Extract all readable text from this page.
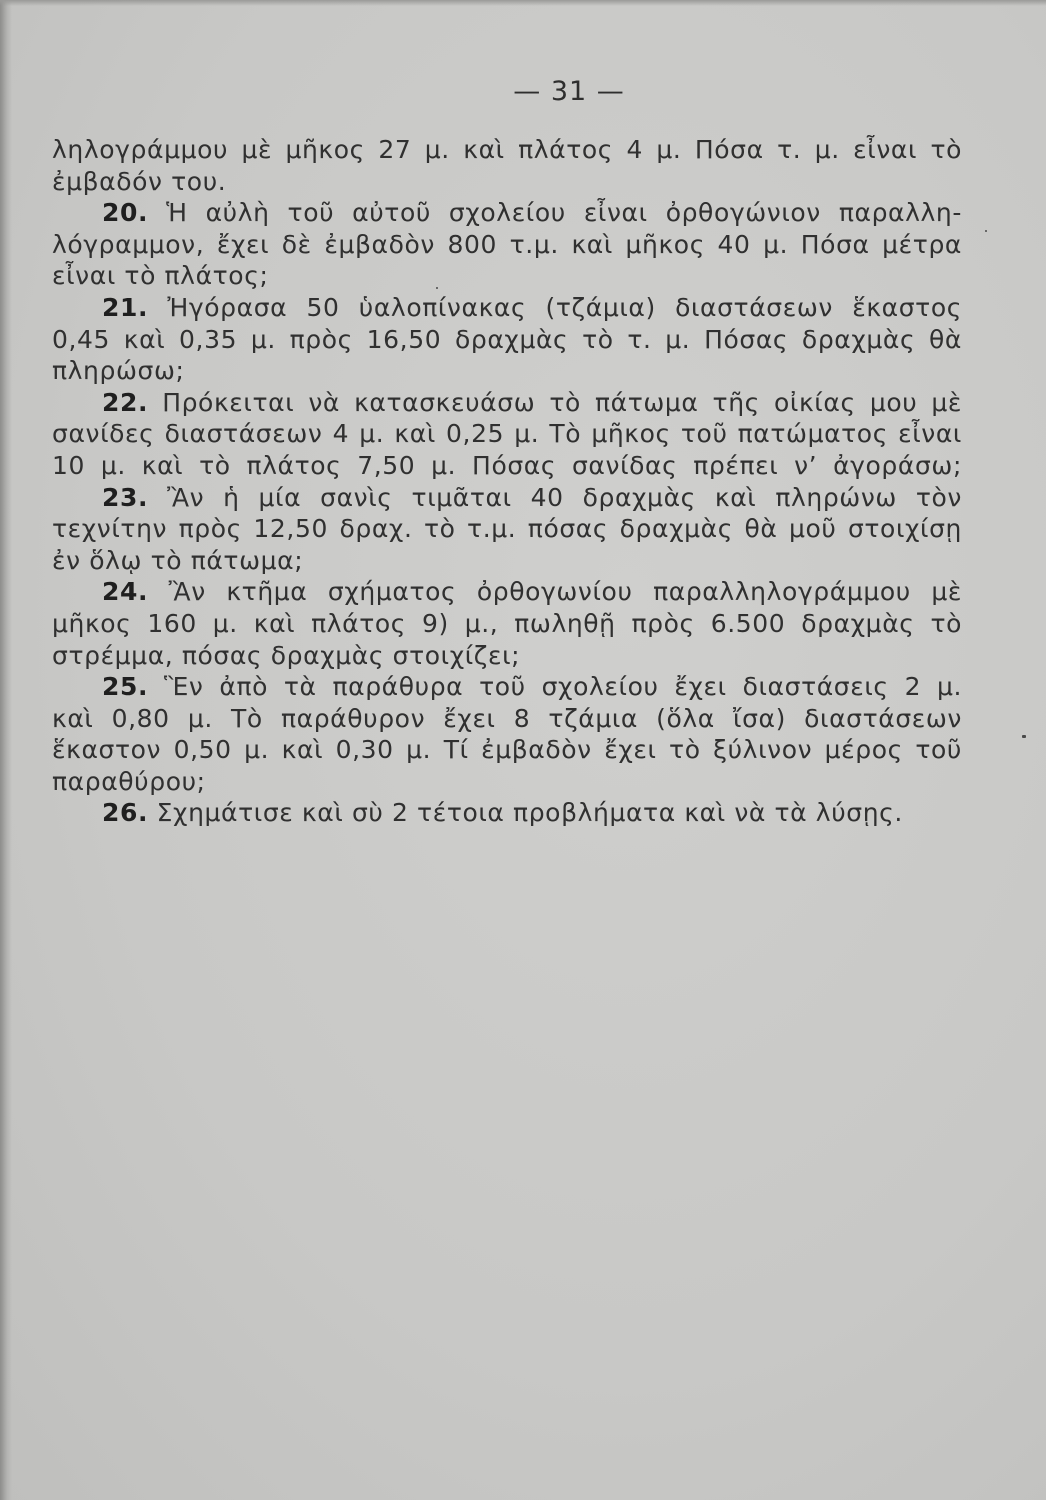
— 31 —
ληλογράμμου μὲ μῆκος 27 μ. καὶ πλάτος 4 μ. Πόσα τ. μ. εἶναι τὸ
ἐμβαδόν του.
20. Ἡ αὐλὴ τοῦ αὐτοῦ σχολείου εἶναι ὀρθογώνιον παραλλη-
λόγραμμον, ἔχει δὲ ἐμβαδὸν 800 τ.μ. καὶ μῆκος 40 μ. Πόσα μέτρα
εἶναι τὸ πλάτος;
21. Ἠγόρασα 50 ὑαλοπίνακας (τζάμια) διαστάσεων ἕκαστος
0,45 καὶ 0,35 μ. πρὸς 16,50 δραχμὰς τὸ τ. μ. Πόσας δραχμὰς θὰ
πληρώσω;
22. Πρόκειται νὰ κατασκευάσω τὸ πάτωμα τῆς οἰκίας μου μὲ
σανίδες διαστάσεων 4 μ. καὶ 0,25 μ. Τὸ μῆκος τοῦ πατώματος εἶναι
10 μ. καὶ τὸ πλάτος 7,50 μ. Πόσας σανίδας πρέπει ν’ ἀγοράσω;
23. Ἂν ἡ μία σανὶς τιμᾶται 40 δραχμὰς καὶ πληρώνω τὸν
τεχνίτην πρὸς 12,50 δραχ. τὸ τ.μ. πόσας δραχμὰς θὰ μοῦ στοιχίσῃ
ἐν ὅλῳ τὸ πάτωμα;
24. Ἂν κτῆμα σχήματος ὀρθογωνίου παραλληλογράμμου μὲ
μῆκος 160 μ. καὶ πλάτος 9) μ., πωληθῇ πρὸς 6.500 δραχμὰς τὸ
στρέμμα, πόσας δραχμὰς στοιχίζει;
25. Ἓν ἀπὸ τὰ παράθυρα τοῦ σχολείου ἔχει διαστάσεις 2 μ.
καὶ 0,80 μ. Τὸ παράθυρον ἔχει 8 τζάμια (ὅλα ἴσα) διαστάσεων
ἕκαστον 0,50 μ. καὶ 0,30 μ. Τί ἐμβαδὸν ἔχει τὸ ξύλινον μέρος τοῦ
παραθύρου;
26. Σχημάτισε καὶ σὺ 2 τέτοια προβλήματα καὶ νὰ τὰ λύσῃς.
